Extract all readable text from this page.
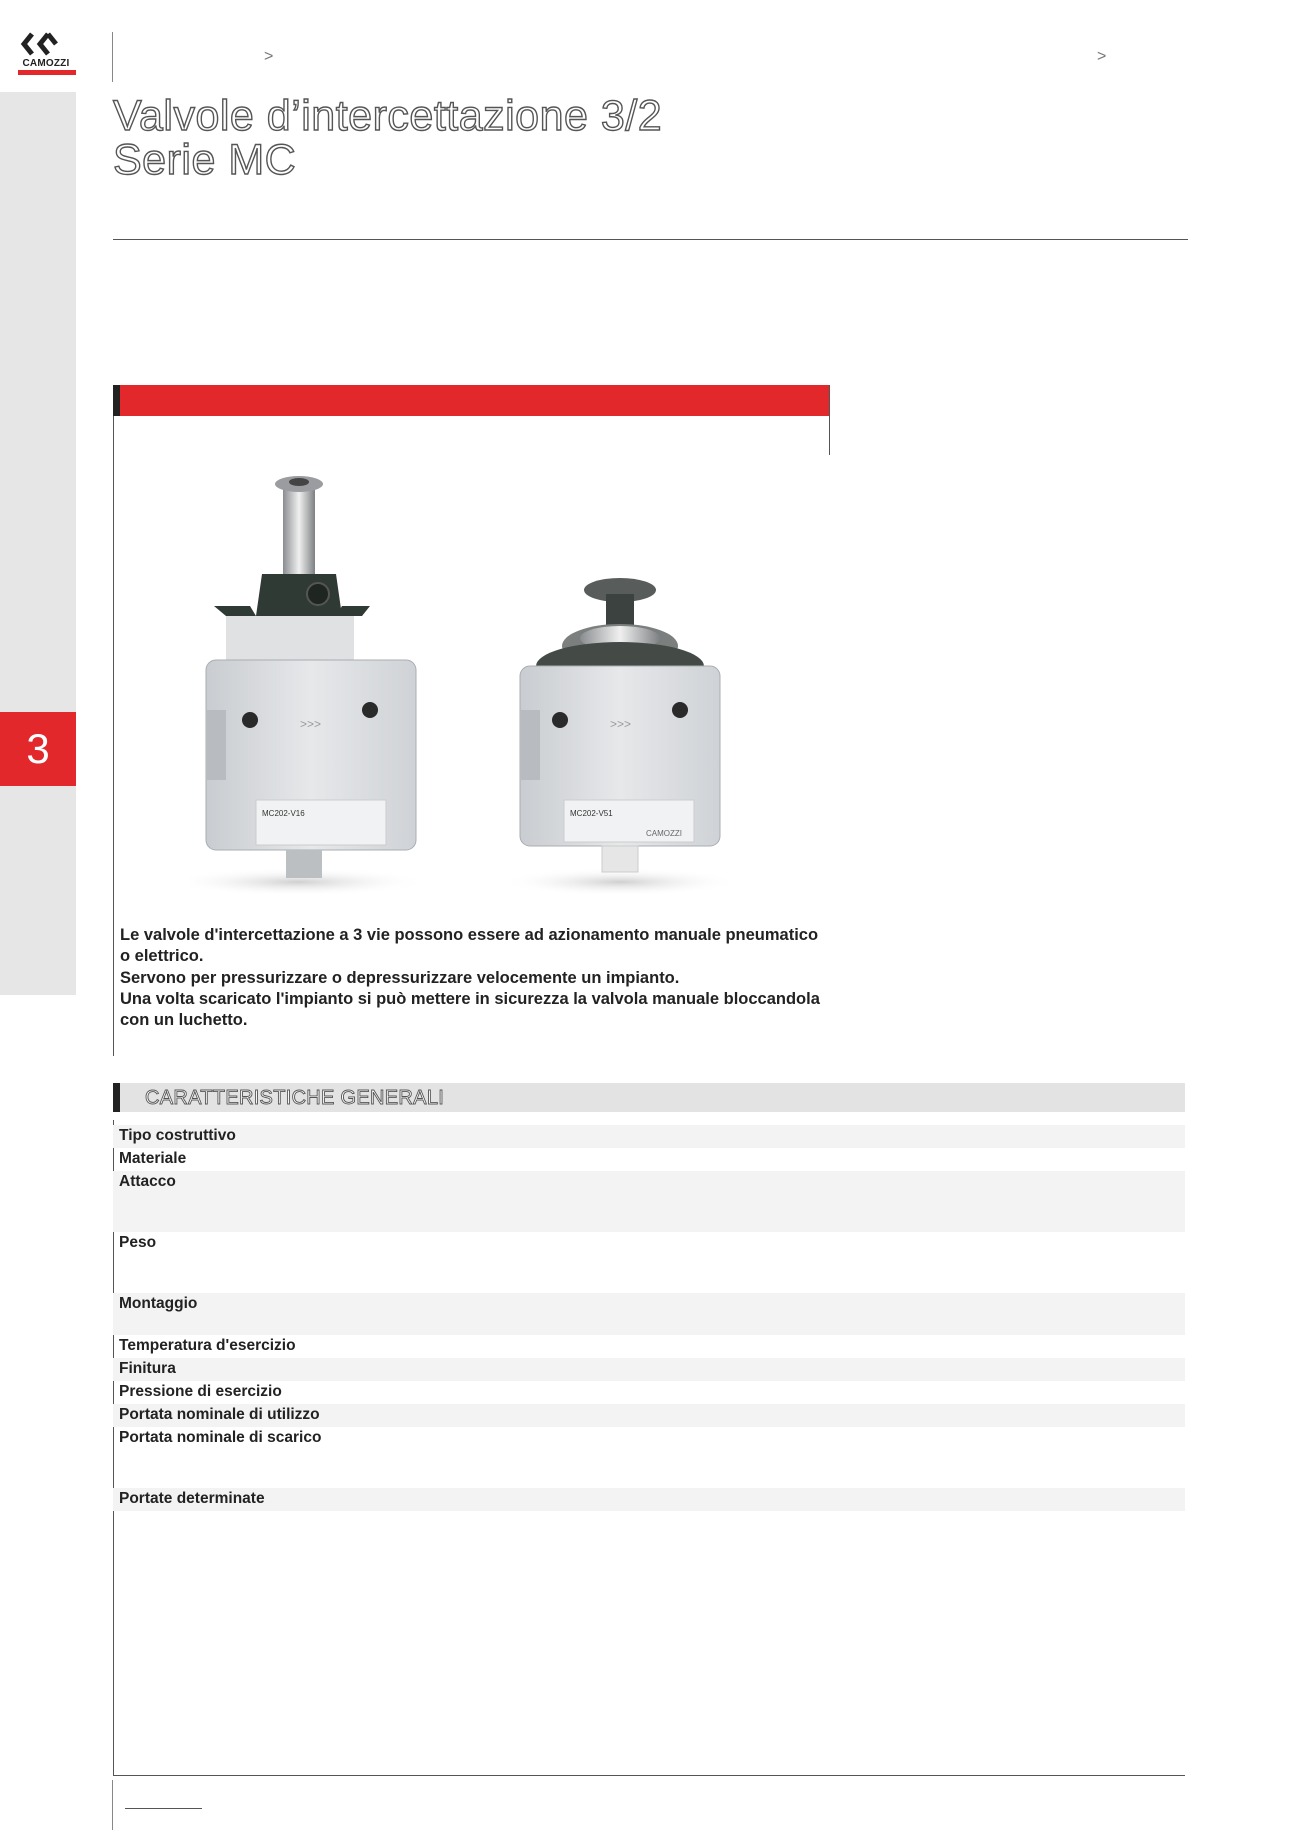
CAMOZZI
3
>	>
Valvole d’intercettazione 3/2
Serie MC
>>>
MC202-V16
>>>
MC202-V51
CAMOZZI

Le valvole d'intercettazione a 3 vie possono essere ad azionamento manuale pneumatico o elettrico.

Servono per pressurizzare o depressurizzare velocemente un impianto.

Una volta scaricato l'impianto si può mettere in sicurezza la valvola manuale bloccandola con un luchetto.

CARATTERISTICHE GENERALI
Tipo costruttivo
Materiale
Attacco
Peso
Montaggio
Temperatura d'esercizio
Finitura
Pressione di esercizio
Portata nominale di utilizzo
Portata nominale di scarico
Portate determinate
